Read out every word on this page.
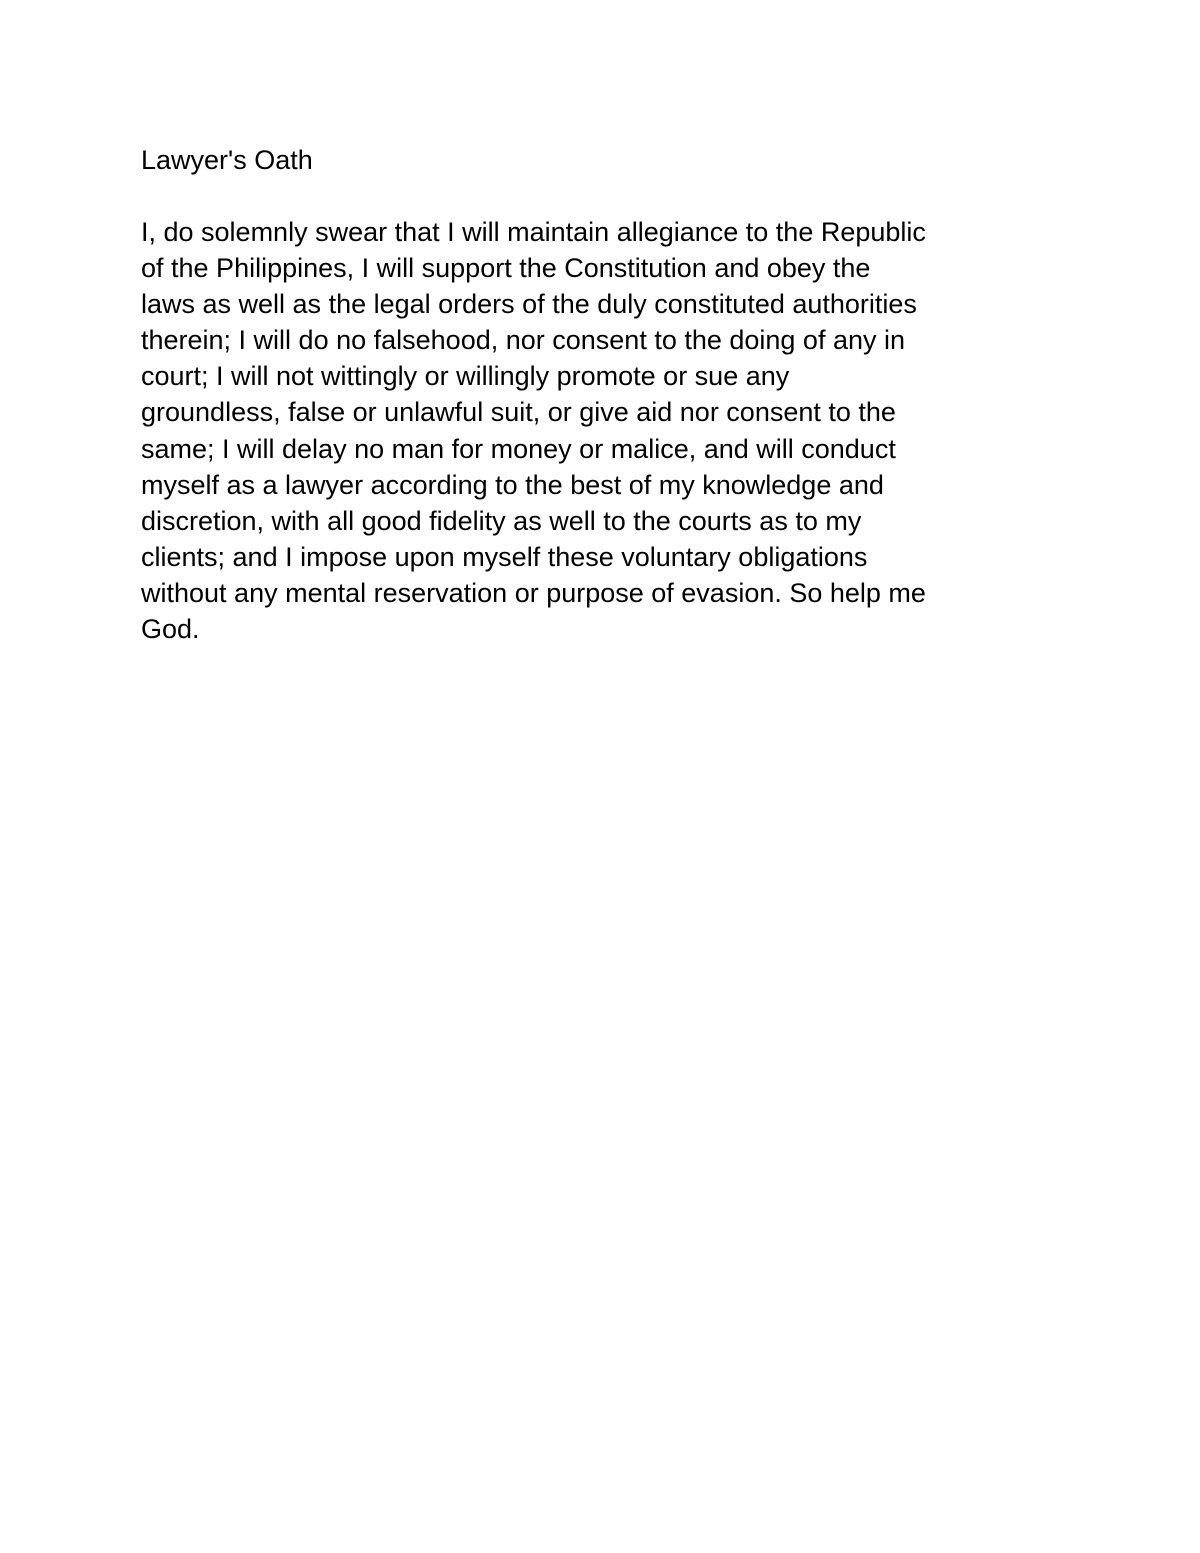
Lawyer's Oath

I, do solemnly swear that I will maintain allegiance to the Republic
of the Philippines, I will support the Constitution and obey the
laws as well as the legal orders of the duly constituted authorities
therein; I will do no falsehood, nor consent to the doing of any in
court; I will not wittingly or willingly promote or sue any
groundless, false or unlawful suit, or give aid nor consent to the
same; I will delay no man for money or malice, and will conduct
myself as a lawyer according to the best of my knowledge and
discretion, with all good fidelity as well to the courts as to my
clients; and I impose upon myself these voluntary obligations
without any mental reservation or purpose of evasion. So help me
God.
